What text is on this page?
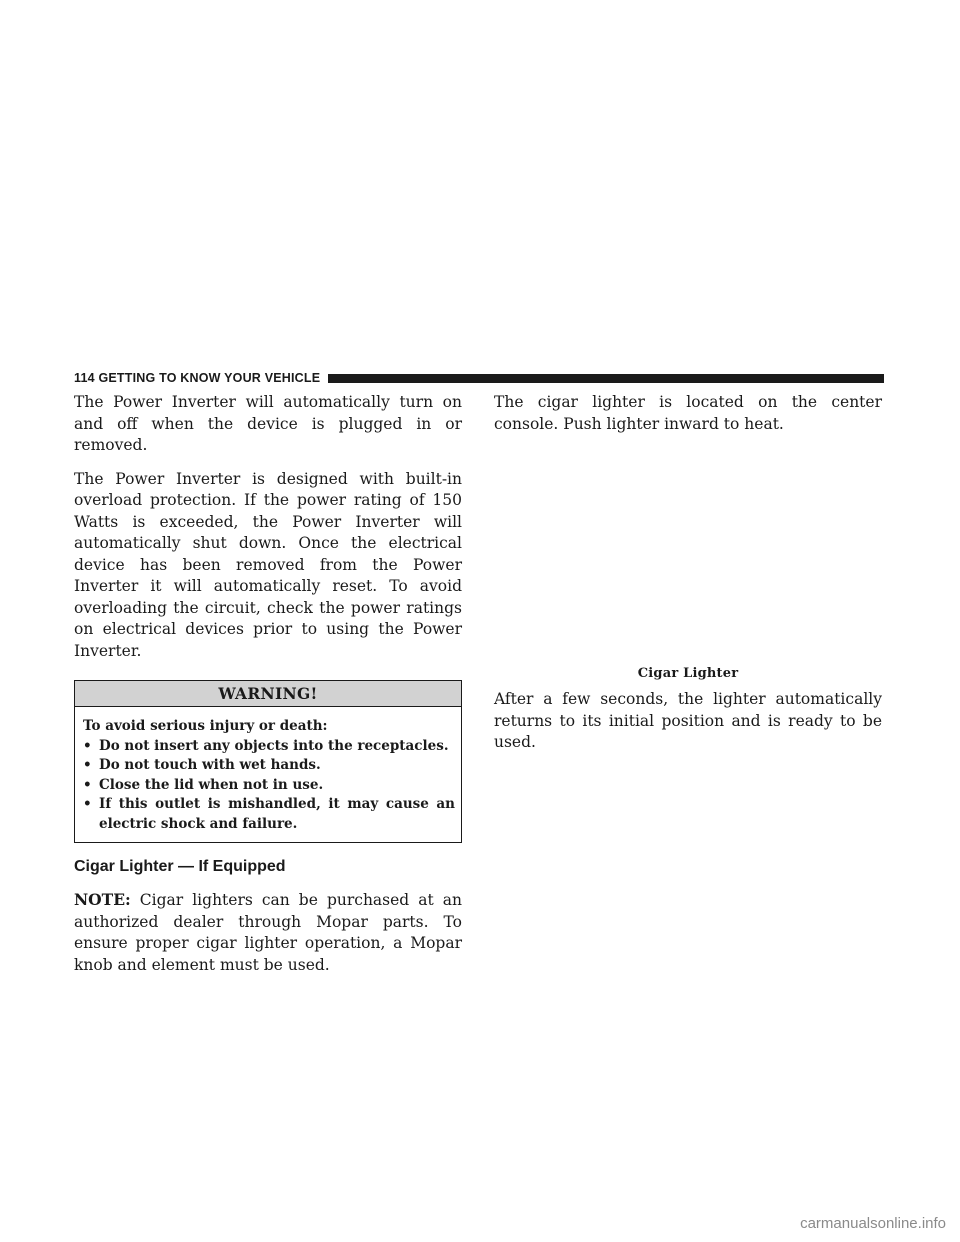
114 GETTING TO KNOW YOUR VEHICLE

The Power Inverter will automatically turn on and off when the device is plugged in or removed.

The Power Inverter is designed with built-in overload protection. If the power rating of 150 Watts is exceeded, the Power Inverter will automatically shut down. Once the electrical device has been removed from the Power Inverter it will automatically reset. To avoid overloading the circuit, check the power ratings on electrical devices prior to using the Power Inverter.

WARNING!
To avoid serious injury or death:
• Do not insert any objects into the receptacles.
• Do not touch with wet hands.
• Close the lid when not in use.
• If this outlet is mishandled, it may cause an electric shock and failure.
Cigar Lighter — If Equipped

NOTE: Cigar lighters can be purchased at an authorized dealer through Mopar parts. To ensure proper cigar lighter operation, a Mopar knob and element must be used.

The cigar lighter is located on the center console. Push lighter inward to heat.

Cigar Lighter

After a few seconds, the lighter automatically returns to its initial position and is ready to be used.

carmanualsonline.info
